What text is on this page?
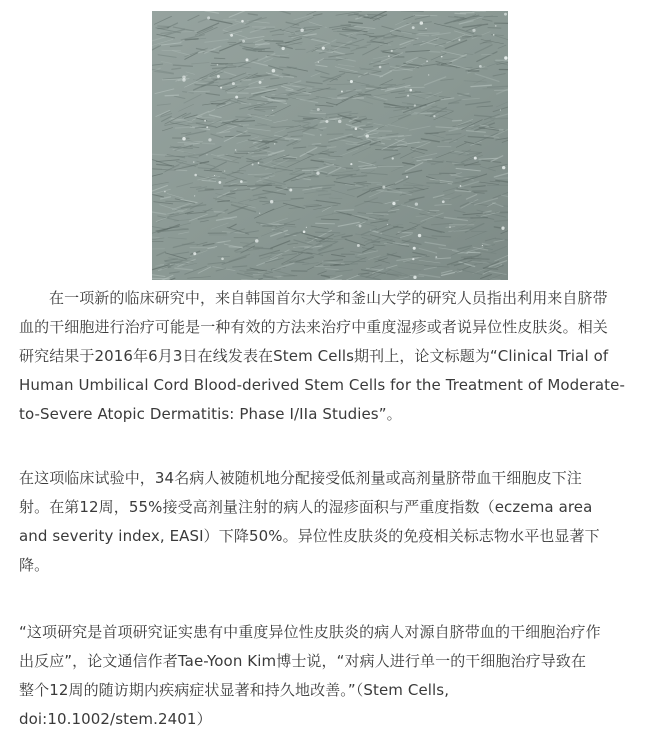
在一项新的临床研究中，来自韩国首尔大学和釜山大学的研究人员指出利用来自脐带
血的干细胞进行治疗可能是一种有效的方法来治疗中重度湿疹或者说异位性皮肤炎。相关
研究结果于2016年6月3日在线发表在Stem Cells期刊上，论文标题为“Clinical Trial of
Human Umbilical Cord Blood-derived Stem Cells for the Treatment of Moderate-
to-Severe Atopic Dermatitis: Phase I/IIa Studies”。
在这项临床试验中，34名病人被随机地分配接受低剂量或高剂量脐带血干细胞皮下注
射。在第12周，55%接受高剂量注射的病人的湿疹面积与严重度指数（eczema area
and severity index, EASI）下降50%。异位性皮肤炎的免疫相关标志物水平也显著下
降。
“这项研究是首项研究证实患有中重度异位性皮肤炎的病人对源自脐带血的干细胞治疗作
出反应”，论文通信作者Tae-Yoon Kim博士说，“对病人进行单一的干细胞治疗导致在
整个12周的随访期内疾病症状显著和持久地改善。”（Stem Cells,
doi:10.1002/stem.2401）
